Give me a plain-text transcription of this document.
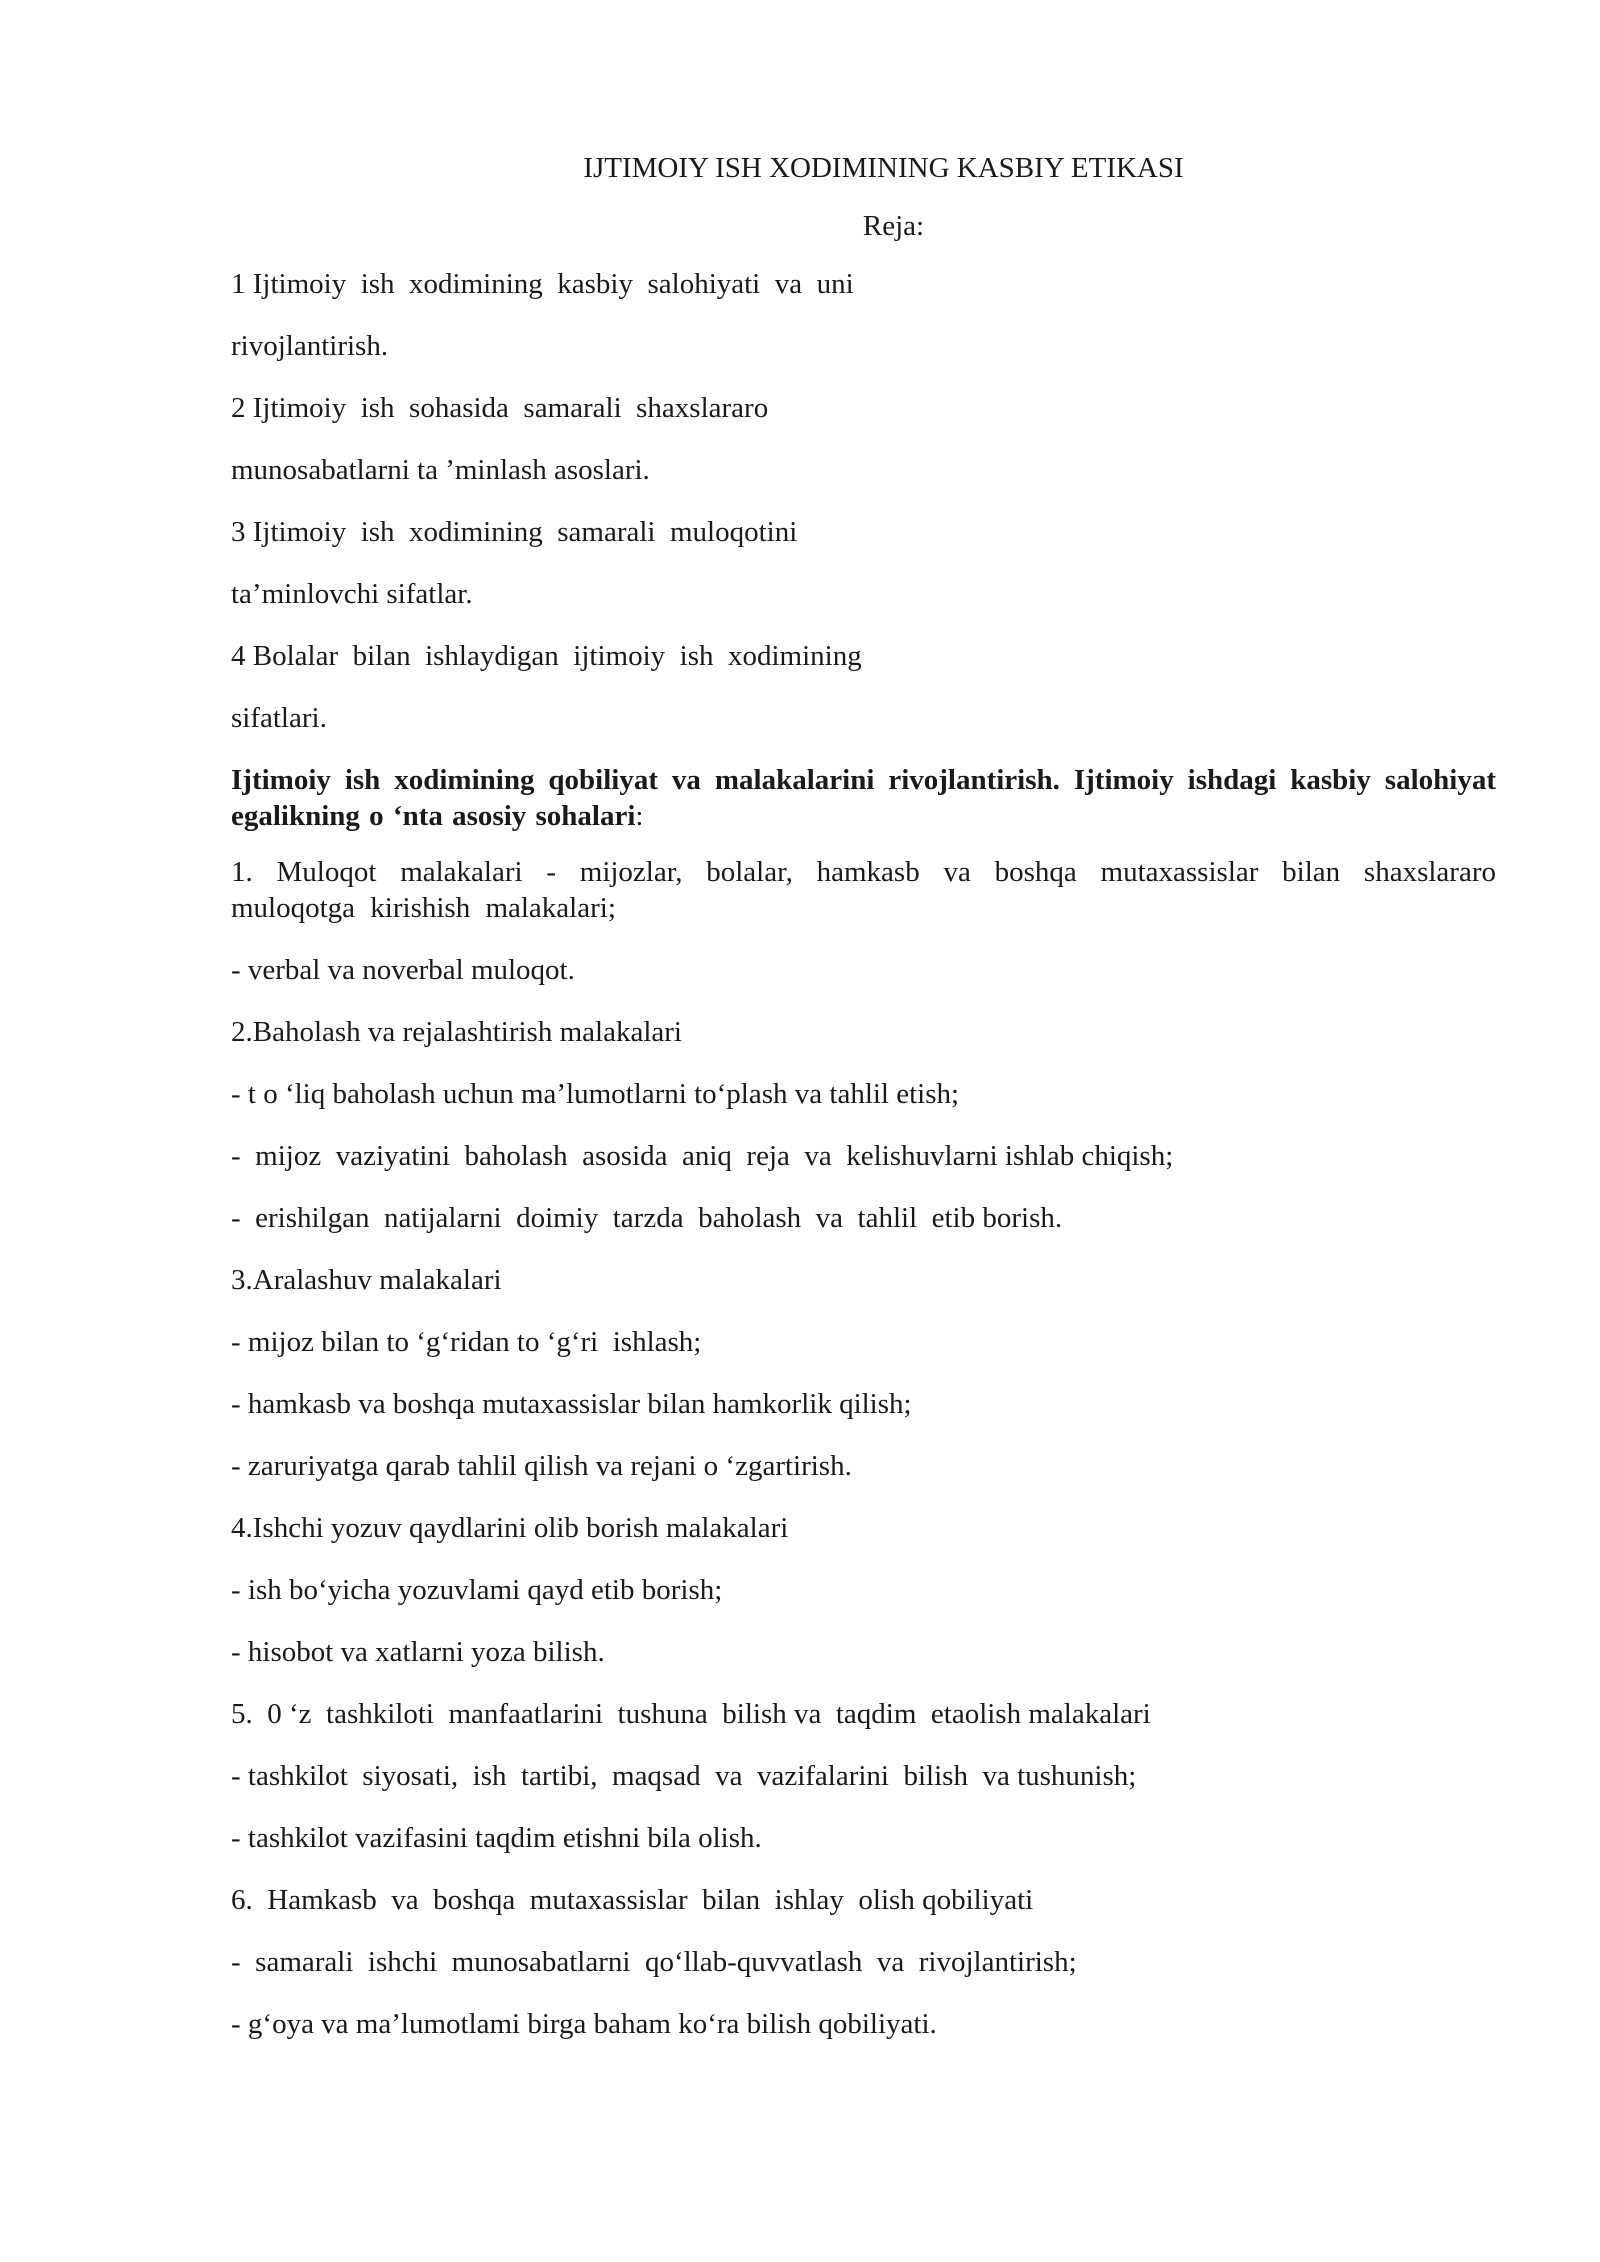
IJTIMOIY ISH XODIMINING KASBIY ETIKASI
Reja:
1 Ijtimoiy  ish  xodimining  kasbiy  salohiyati  va  uni
rivojlantirish.
2 Ijtimoiy  ish  sohasida  samarali  shaxslararo
munosabatlarni ta ’minlash asoslari.
3 Ijtimoiy  ish  xodimining  samarali  muloqotini
ta’minlovchi sifatlar.
4 Bolalar  bilan  ishlaydigan  ijtimoiy  ish  xodimining
sifatlari.
Ijtimoiy ish xodimining qobiliyat va malakalarini rivojlantirish. Ijtimoiy ishdagi kasbiy salohiyat egalikning o ‘nta asosiy sohalari:
1. Muloqot malakalari - mijozlar, bolalar, hamkasb va boshqa mutaxassislar bilan shaxslararo muloqotga kirishish malakalari;
- verbal va noverbal muloqot.
2.Baholash va rejalashtirish malakalari
- t o ‘liq baholash uchun ma’lumotlarni to‘plash va tahlil etish;
-  mijoz  vaziyatini  baholash  asosida  aniq  reja  va  kelishuvlarni ishlab chiqish;
-  erishilgan  natijalarni  doimiy  tarzda  baholash  va  tahlil  etib borish.
3.Aralashuv malakalari
- mijoz bilan to ‘g‘ridan to ‘g‘ri  ishlash;
- hamkasb va boshqa mutaxassislar bilan hamkorlik qilish;
- zaruriyatga qarab tahlil qilish va rejani o ‘zgartirish.
4.Ishchi yozuv qaydlarini olib borish malakalari
- ish bo‘yicha yozuvlami qayd etib borish;
- hisobot va xatlarni yoza bilish.
5.  0 ‘z  tashkiloti  manfaatlarini  tushuna  bilish va  taqdim  etaolish malakalari
- tashkilot  siyosati,  ish  tartibi,  maqsad  va  vazifalarini  bilish  va tushunish;
- tashkilot vazifasini taqdim etishni bila olish.
6.  Hamkasb  va  boshqa  mutaxassislar  bilan  ishlay  olish qobiliyati
-  samarali  ishchi  munosabatlarni  qo‘llab-quvvatlash  va  rivojlantirish;
- g‘oya va ma’lumotlami birga baham ko‘ra bilish qobiliyati.
